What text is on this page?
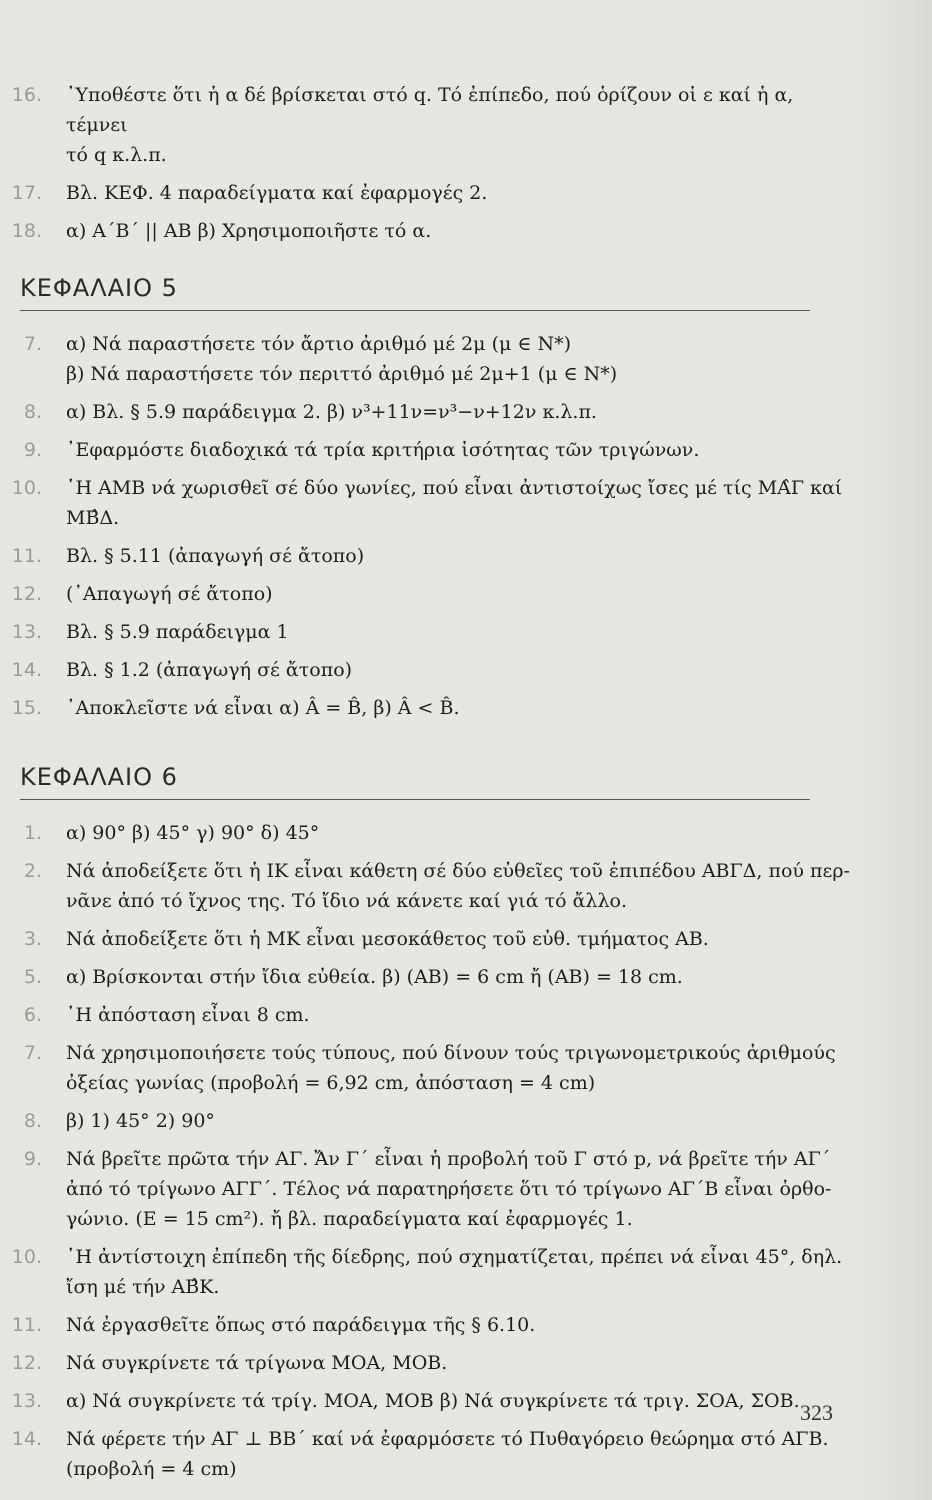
16. ᾿Υποθέστε ὅτι ἡ α δέ βρίσκεται στό q. Τό ἐπίπεδο, πού ὁρίζουν οἱ ε καί ἡ α, τέμνει
τό q κ.λ.π.
17. Βλ. ΚΕΦ. 4 παραδείγματα καί ἐφαρμογές 2.
18. α) Α΄Β΄ || ΑΒ β) Χρησιμοποιῆστε τό α.
ΚΕΦΑΛΑΙΟ 5
7. α) Νά παραστήσετε τόν ἄρτιο ἀριθμό μέ 2μ (μ ∈ Ν*)
β) Νά παραστήσετε τόν περιττό ἀριθμό μέ 2μ+1 (μ ∈ Ν*)
8. α) Βλ. § 5.9 παράδειγμα 2. β) ν³+11ν=ν³−ν+12ν κ.λ.π.
9. ᾿Εφαρμόστε διαδοχικά τά τρία κριτήρια ἰσότητας τῶν τριγώνων.
10. ῾Η ΑΜΒ νά χωρισθεῖ σέ δύο γωνίες, πού εἶναι ἀντιστοίχως ἴσες μέ τίς ΜΑ̂Γ καί
ΜΒ̂Δ.
11. Βλ. § 5.11 (ἀπαγωγή σέ ἄτοπο)
12. (᾿Απαγωγή σέ ἄτοπο)
13. Βλ. § 5.9 παράδειγμα 1
14. Βλ. § 1.2 (ἀπαγωγή σέ ἄτοπο)
15. ᾿Αποκλεῖστε νά εἶναι α) Â = B̂, β) Â < B̂.
ΚΕΦΑΛΑΙΟ 6
1. α) 90° β) 45° γ) 90° δ) 45°
2. Νά ἀποδείξετε ὅτι ἡ ΙΚ εἶναι κάθετη σέ δύο εὐθεῖες τοῦ ἐπιπέδου ΑΒΓΔ, πού περ-
νᾶνε ἀπό τό ἴχνος της. Τό ἴδιο νά κάνετε καί γιά τό ἄλλο.
3. Νά ἀποδείξετε ὅτι ἡ ΜΚ εἶναι μεσοκάθετος τοῦ εὐθ. τμήματος ΑΒ.
5. α) Βρίσκονται στήν ἴδια εὐθεία. β) (ΑΒ) = 6 cm ἤ (ΑΒ) = 18 cm.
6. ῾Η ἀπόσταση εἶναι 8 cm.
7. Νά χρησιμοποιήσετε τούς τύπους, πού δίνουν τούς τριγωνομετρικούς ἀριθμούς
ὀξείας γωνίας (προβολή = 6,92 cm, ἀπόσταση = 4 cm)
8. β) 1) 45° 2) 90°
9. Νά βρεῖτε πρῶτα τήν ΑΓ. Ἄν Γ΄ εἶναι ἡ προβολή τοῦ Γ στό p, νά βρεῖτε τήν ΑΓ΄
ἀπό τό τρίγωνο ΑΓΓ΄. Τέλος νά παρατηρήσετε ὅτι τό τρίγωνο ΑΓ΄Β εἶναι ὀρθο-
γώνιο. (Ε = 15 cm²). ἤ βλ. παραδείγματα καί ἐφαρμογές 1.
10. ῾Η ἀντίστοιχη ἐπίπεδη τῆς δίεδρης, πού σχηματίζεται, πρέπει νά εἶναι 45°, δηλ.
ἴση μέ τήν ΑΒ̂Κ.
11. Νά ἐργασθεῖτε ὅπως στό παράδειγμα τῆς § 6.10.
12. Νά συγκρίνετε τά τρίγωνα ΜΟΑ, ΜΟΒ.
13. α) Νά συγκρίνετε τά τρίγ. ΜΟΑ, ΜΟΒ β) Νά συγκρίνετε τά τριγ. ΣΟΑ, ΣΟΒ.
14. Νά φέρετε τήν ΑΓ ⊥ ΒΒ΄ καί νά ἐφαρμόσετε τό Πυθαγόρειο θεώρημα στό ΑΓΒ.
(προβολή = 4 cm)
323
